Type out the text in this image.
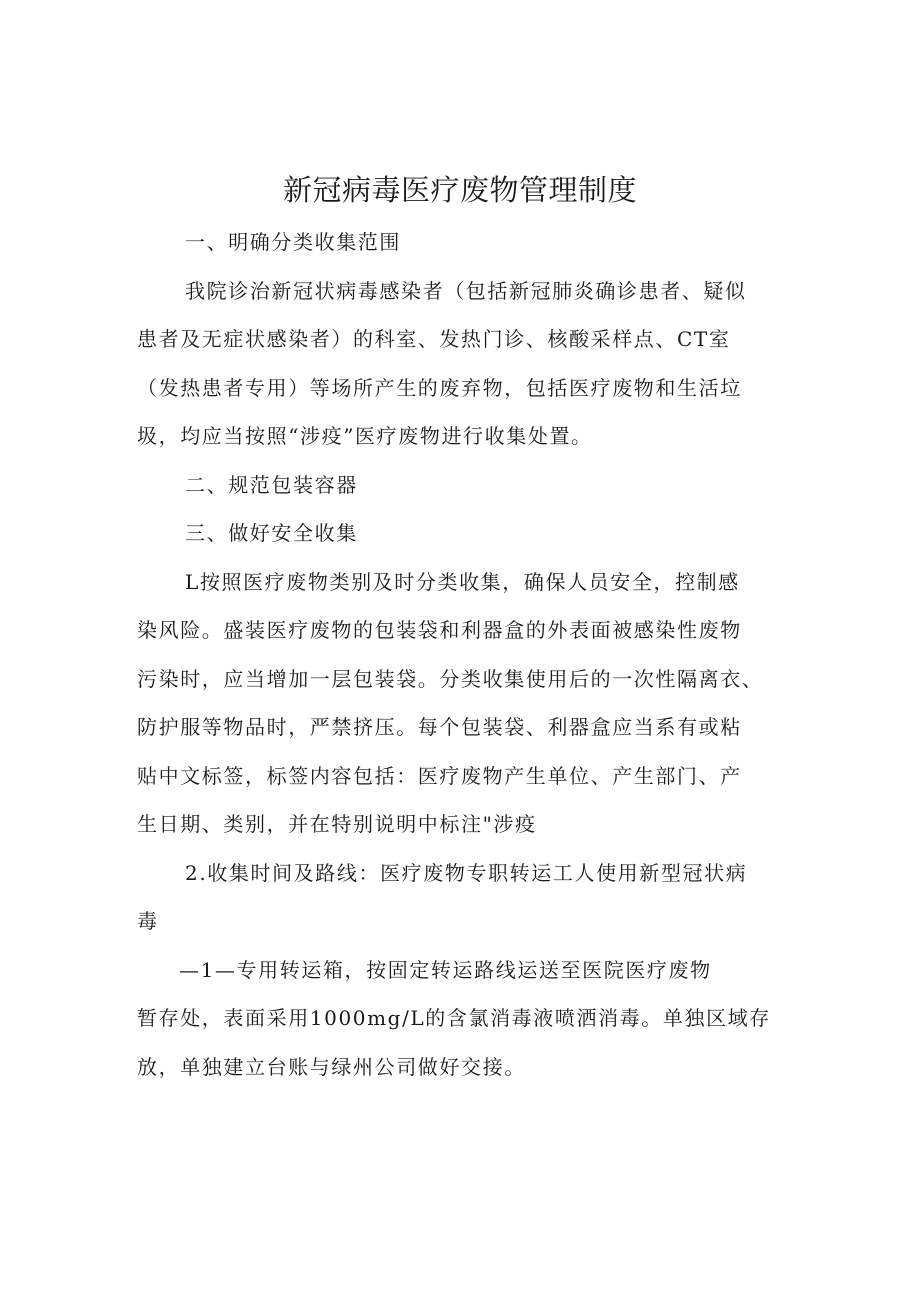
新冠病毒医疗废物管理制度
一、明确分类收集范围
我院诊治新冠状病毒感染者（包括新冠肺炎确诊患者、疑似
患者及无症状感染者）的科室、发热门诊、核酸采样点、CT室
（发热患者专用）等场所产生的废弃物，包括医疗废物和生活垃
圾，均应当按照“涉疫”医疗废物进行收集处置。
二、规范包装容器
三、做好安全收集
L按照医疗废物类别及时分类收集，确保人员安全，控制感
染风险。盛装医疗废物的包装袋和利器盒的外表面被感染性废物
污染时，应当增加一层包装袋。分类收集使用后的一次性隔离衣、
防护服等物品时，严禁挤压。每个包装袋、利器盒应当系有或粘
贴中文标签，标签内容包括：医疗废物产生单位、产生部门、产
生日期、类别，并在特别说明中标注"涉疫
2.收集时间及路线：医疗废物专职转运工人使用新型冠状病
毒
—1—专用转运箱，按固定转运路线运送至医院医疗废物
暂存处，表面采用1000mg∕L的含氯消毒液喷洒消毒。单独区域存
放，单独建立台账与绿州公司做好交接。
